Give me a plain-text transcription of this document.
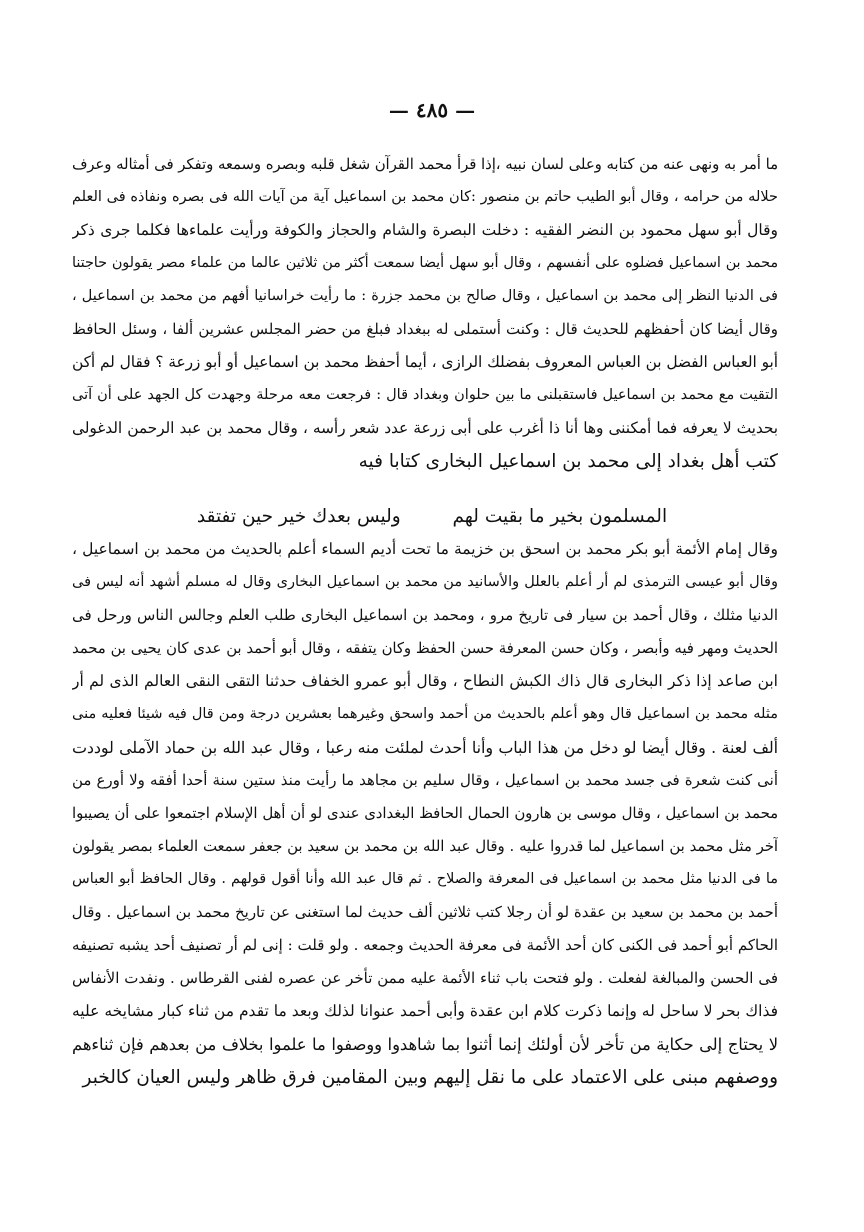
— ٤٨٥ —
ما أمر به ونهى عنه من كتابه وعلى لسان نبيه ،إذا قرأ محمد القرآن شغل قلبه وبصره وسمعه وتفكر فى أمثاله وعرف
حلاله من حرامه ، وقال أبو الطيب حاتم بن منصور :كان محمد بن اسماعيل آية من آيات الله فى بصره ونفاذه فى العلم
وقال أبو سهل محمود بن النضر الفقيه : دخلت البصرة والشام والحجاز والكوفة ورأيت علماءها فكلما جرى ذكر
محمد بن اسماعيل فضلوه على أنفسهم ، وقال أبو سهل أيضا سمعت أكثر من ثلاثين عالما من علماء مصر يقولون حاجتنا
فى الدنيا النظر إلى محمد بن اسماعيل ، وقال صالح بن محمد جزرة : ما رأيت خراسانيا أفهم من محمد بن اسماعيل ،
وقال أيضا كان أحفظهم للحديث قال : وكنت أستملى له ببغداد فبلغ من حضر المجلس عشرين ألفا ، وسئل الحافظ
أبو العباس الفضل بن العباس المعروف بفضلك الرازى ، أيما أحفظ محمد بن اسماعيل أو أبو زرعة ؟ فقال لم أكن
التقيت مع محمد بن اسماعيل فاستقبلنى ما بين حلوان وبغداد قال : فرجعت معه مرحلة وجهدت كل الجهد على أن آتى
بحديث لا يعرفه فما أمكننى وها أنا ذا أغرب على أبى زرعة عدد شعر رأسه ، وقال محمد بن عبد الرحمن الدغولى
كتب أهل بغداد إلى محمد بن اسماعيل البخارى كتابا فيه
المسلمون بخير ما بقيت لهم  وليس بعدك خير حين تفتقد
وقال إمام الأئمة أبو بكر محمد بن اسحق بن خزيمة ما تحت أديم السماء أعلم بالحديث من محمد بن اسماعيل ،
وقال أبو عيسى الترمذى لم أر أعلم بالعلل والأسانيد من محمد بن اسماعيل البخارى وقال له مسلم أشهد أنه ليس فى
الدنيا مثلك ، وقال أحمد بن سيار فى تاريخ مرو ، ومحمد بن اسماعيل البخارى طلب العلم وجالس الناس ورحل فى
الحديث ومهر فيه وأبصر ، وكان حسن المعرفة حسن الحفظ وكان يتفقه ، وقال أبو أحمد بن عدى كان يحيى بن محمد
ابن صاعد إذا ذكر البخارى قال ذاك الكبش النطاح ، وقال أبو عمرو الخفاف حدثنا التقى النقى العالم الذى لم أر
مثله محمد بن اسماعيل قال وهو أعلم بالحديث من أحمد واسحق وغيرهما بعشرين درجة ومن قال فيه شيئا فعليه منى
ألف لعنة . وقال أيضا لو دخل من هذا الباب وأنا أحدث لملئت منه رعبا ، وقال عبد الله بن حماد الآملى لوددت
أنى كنت شعرة فى جسد محمد بن اسماعيل ، وقال سليم بن مجاهد ما رأيت منذ ستين سنة أحدا أفقه ولا أورع من
محمد بن اسماعيل ، وقال موسى بن هارون الحمال الحافظ البغدادى عندى لو أن أهل الإسلام اجتمعوا على أن يصيبوا
آخر مثل محمد بن اسماعيل لما قدروا عليه . وقال عبد الله بن محمد بن سعيد بن جعفر سمعت العلماء بمصر يقولون
ما فى الدنيا مثل محمد بن اسماعيل فى المعرفة والصلاح . ثم قال عبد الله وأنا أقول قولهم . وقال الحافظ أبو العباس
أحمد بن محمد بن سعيد بن عقدة لو أن رجلا كتب ثلاثين ألف حديث لما استغنى عن تاريخ محمد بن اسماعيل . وقال
الحاكم أبو أحمد فى الكنى كان أحد الأئمة فى معرفة الحديث وجمعه . ولو قلت : إنى لم أر تصنيف أحد يشبه تصنيفه
فى الحسن والمبالغة لفعلت . ولو فتحت باب ثناء الأئمة عليه ممن تأخر عن عصره لفنى القرطاس . ونفدت الأنفاس
فذاك بحر لا ساحل له وإنما ذكرت كلام ابن عقدة وأبى أحمد عنوانا لذلك وبعد ما تقدم من ثناء كبار مشايخه عليه
لا يحتاج إلى حكاية من تأخر لأن أولئك إنما أثنوا بما شاهدوا ووصفوا ما علموا بخلاف من بعدهم فإن ثناءهم
ووصفهم مبنى على الاعتماد على ما نقل إليهم وبين المقامين فرق ظاهر وليس العيان كالخبر
